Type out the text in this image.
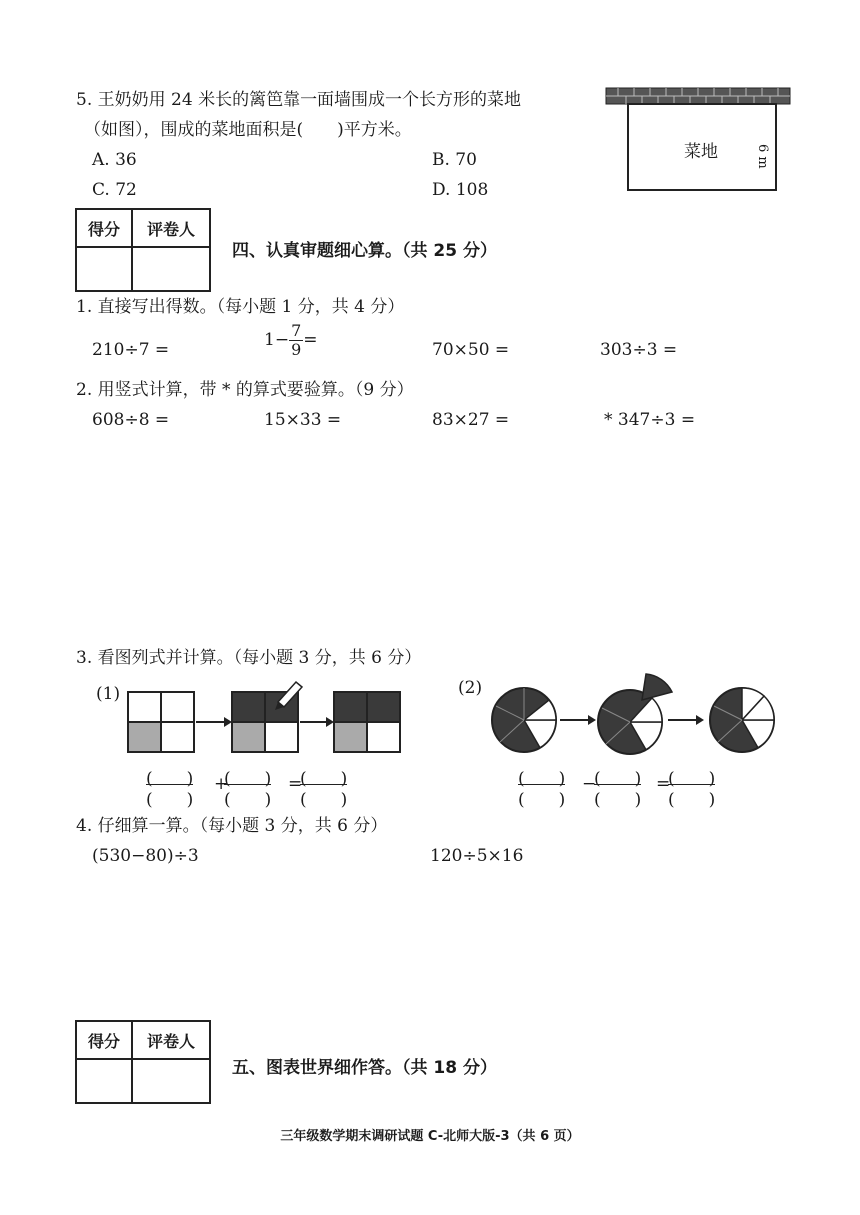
5. 王奶奶用 24 米长的篱笆靠一面墙围成一个长方形的菜地
（如图），围成的菜地面积是(　　)平方米。
A. 36	B. 70
C. 72	D. 108
菜地	6 m
得分	评卷人

四、认真审题细心算。（共 25 分）
1. 直接写出得数。（每小题 1 分，共 4 分）
210÷7 =	$1- \frac{7}{9}$ =	70×50 =	303÷3 =
2. 用竖式计算，带 * 的算式要验算。（9 分）
608÷8 =	15×33 =	83×27 =	* 347÷3 =
3. 看图列式并计算。（每小题 3 分，共 6 分）
(1)	(2)
(　　)
(　　)
+
(　　)
(　　)
=
(　　)
(　　)
(　　)
(　　)
−
(　　)
(　　)
=
(　　)
(　　)
4. 仔细算一算。（每小题 3 分，共 6 分）
(530−80)÷3	120÷5×16
得分	评卷人

五、图表世界细作答。（共 18 分）
三年级数学期末调研试题 C-北师大版-3（共 6 页）
